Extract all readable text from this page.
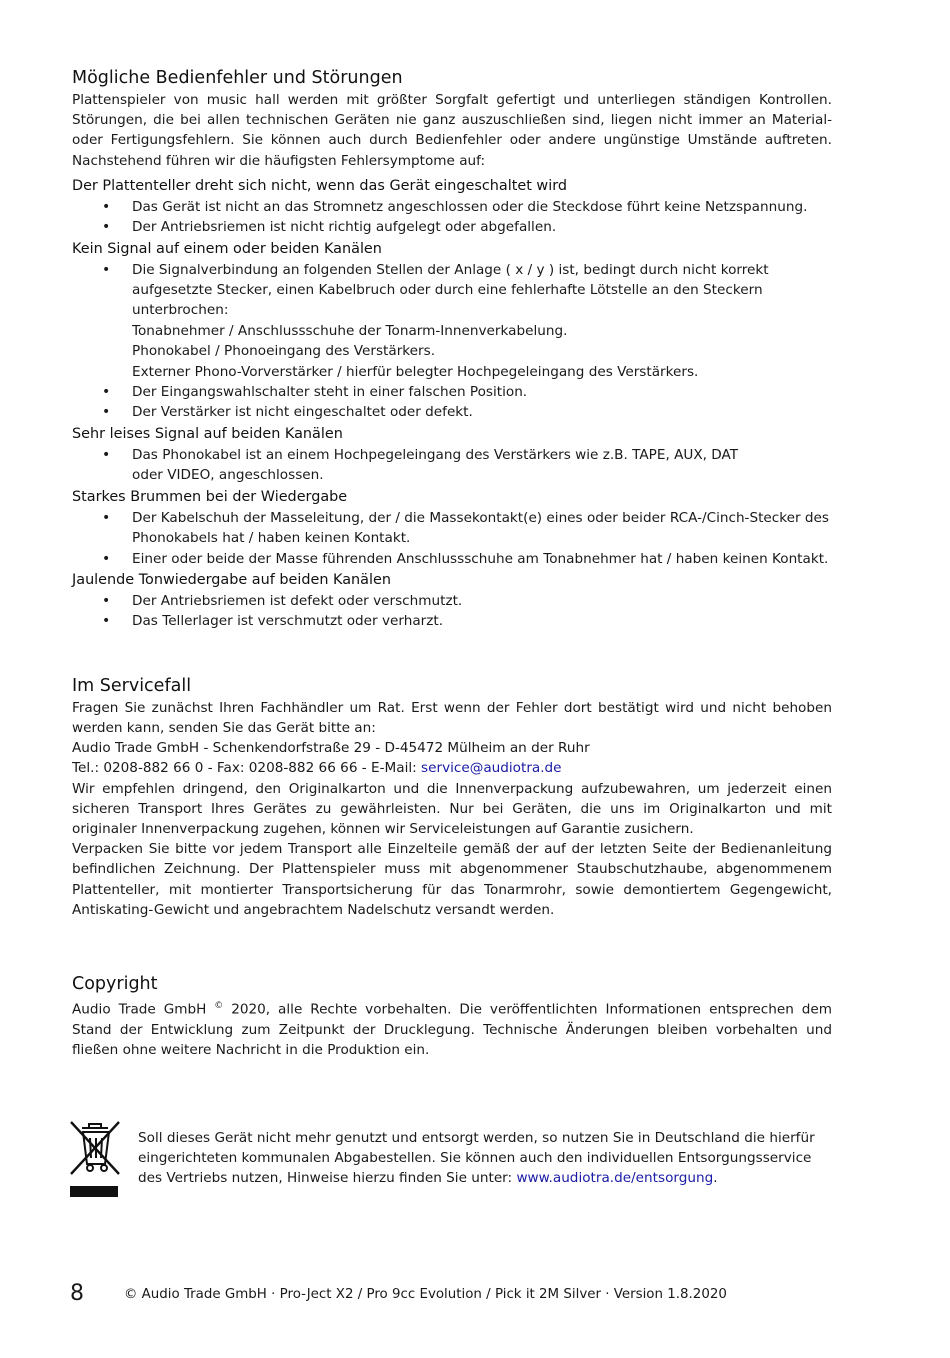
Mögliche Bedienfehler und Störungen

Plattenspieler von music hall werden mit größter Sorgfalt gefertigt und unterliegen ständigen Kontrollen. Störungen, die bei allen technischen Geräten nie ganz auszuschließen sind, liegen nicht immer an Material- oder Fertigungsfehlern. Sie können auch durch Bedienfehler oder andere ungünstige Umstände auftreten. Nachstehend führen wir die häufigsten Fehlersymptome auf:

Der Plattenteller dreht sich nicht, wenn das Gerät eingeschaltet wird
• Das Gerät ist nicht an das Stromnetz angeschlossen oder die Steckdose führt keine Netzspannung.
• Der Antriebsriemen ist nicht richtig aufgelegt oder abgefallen.
Kein Signal auf einem oder beiden Kanälen
• Die Signalverbindung an folgenden Stellen der Anlage ( x / y ) ist, bedingt durch nicht korrekt aufgesetzte Stecker, einen Kabelbruch oder durch eine fehlerhafte Lötstelle an den Steckern unterbrochen:
Tonabnehmer / Anschlussschuhe der Tonarm-Innenverkabelung.
Phonokabel / Phonoeingang des Verstärkers.
Externer Phono-Vorverstärker / hierfür belegter Hochpegeleingang des Verstärkers.
• Der Eingangswahlschalter steht in einer falschen Position.
• Der Verstärker ist nicht eingeschaltet oder defekt.
Sehr leises Signal auf beiden Kanälen
• Das Phonokabel ist an einem Hochpegeleingang des Verstärkers wie z.B. TAPE, AUX, DAT oder VIDEO, angeschlossen.
Starkes Brummen bei der Wiedergabe
• Der Kabelschuh der Masseleitung, der / die Massekontakt(e) eines oder beider RCA-/Cinch-Stecker des Phonokabels hat / haben keinen Kontakt.
• Einer oder beide der Masse führenden Anschlussschuhe am Tonabnehmer hat / haben keinen Kontakt.
Jaulende Tonwiedergabe auf beiden Kanälen
• Der Antriebsriemen ist defekt oder verschmutzt.
• Das Tellerlager ist verschmutzt oder verharzt.
Im Servicefall

Fragen Sie zunächst Ihren Fachhändler um Rat. Erst wenn der Fehler dort bestätigt wird und nicht behoben werden kann, senden Sie das Gerät bitte an:

Audio Trade GmbH - Schenkendorfstraße 29 - D-45472 Mülheim an der Ruhr

Tel.: 0208-882 66 0 - Fax: 0208-882 66 66 - E-Mail: service@audiotra.de

Wir empfehlen dringend, den Originalkarton und die Innenverpackung aufzubewahren, um jederzeit einen sicheren Transport Ihres Gerätes zu gewährleisten. Nur bei Geräten, die uns im Originalkarton und mit originaler Innenverpackung zugehen, können wir Serviceleistungen auf Garantie zusichern.

Verpacken Sie bitte vor jedem Transport alle Einzelteile gemäß der auf der letzten Seite der Bedienanleitung befindlichen Zeichnung. Der Plattenspieler muss mit abgenommener Staubschutzhaube, abgenommenem Plattenteller, mit montierter Transportsicherung für das Tonarmrohr, sowie demontiertem Gegengewicht, Antiskating-Gewicht und angebrachtem Nadelschutz versandt werden.

Copyright

Audio Trade GmbH © 2020, alle Rechte vorbehalten. Die veröffentlichten Informationen entsprechen dem Stand der Entwicklung zum Zeitpunkt der Drucklegung. Technische Änderungen bleiben vorbehalten und fließen ohne weitere Nachricht in die Produktion ein.

Soll dieses Gerät nicht mehr genutzt und entsorgt werden, so nutzen Sie in Deutschland die hierfür eingerichteten kommunalen Abgabestellen. Sie können auch den individuellen Entsorgungsservice des Vertriebs nutzen, Hinweise hierzu finden Sie unter: www.audiotra.de/entsorgung.

8	© Audio Trade GmbH · Pro-Ject X2 / Pro 9cc Evolution / Pick it 2M Silver · Version 1.8.2020
